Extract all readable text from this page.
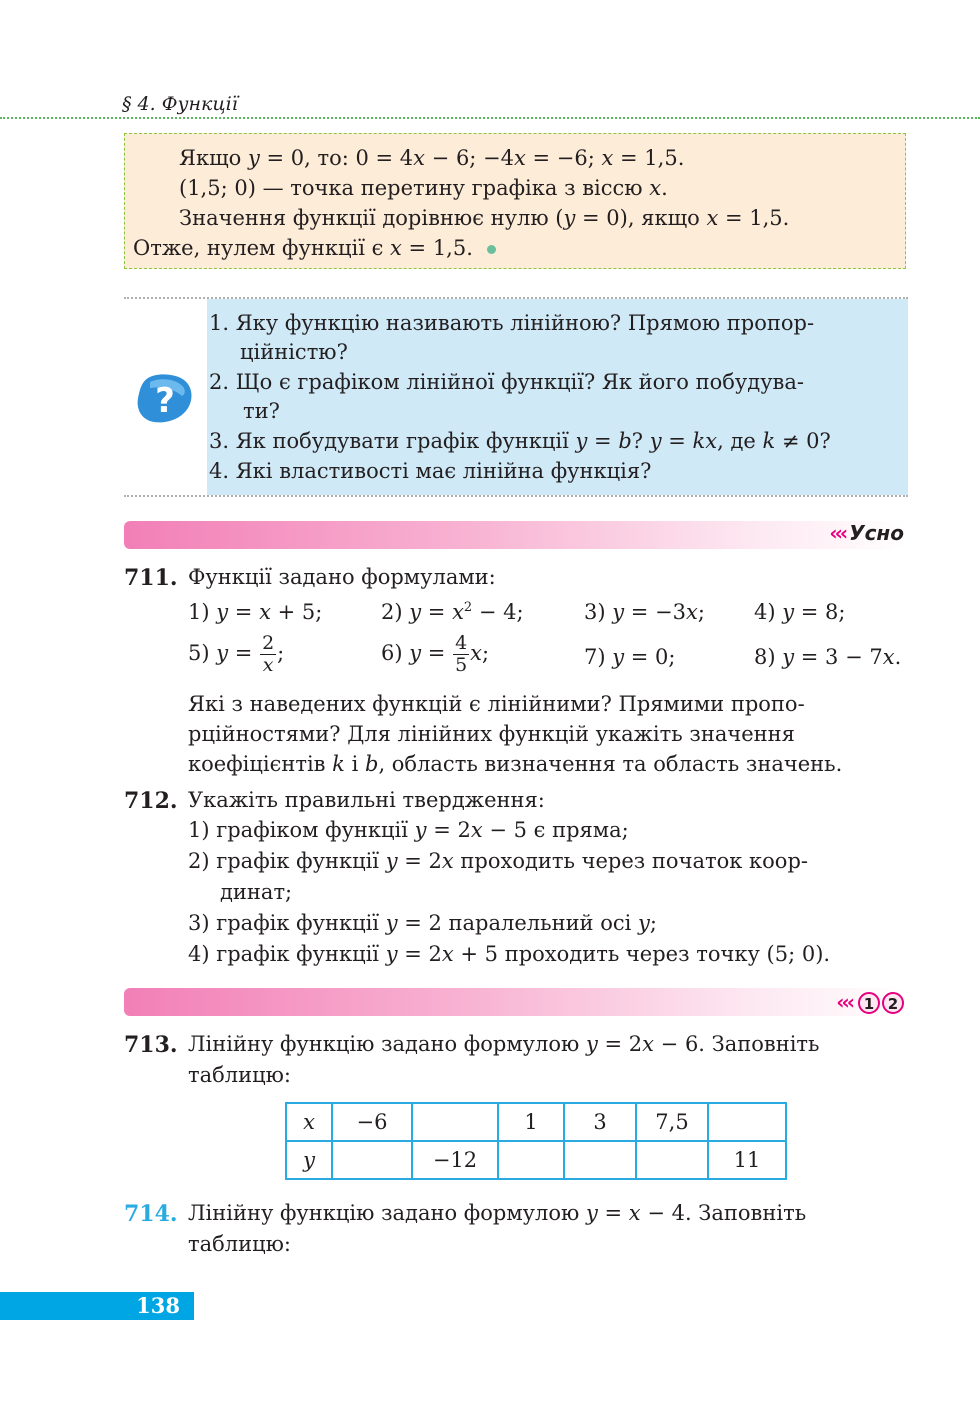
§ 4. Функції
Якщо y = 0, то: 0 = 4x − 6; −4x = −6; x = 1,5.
(1,5; 0) — точка перетину графіка з віссю x.
Значення функції дорівнює нулю (y = 0), якщо x = 1,5.
Отже, нулем функції є x = 1,5.
?
1. Яку функцію називають лінійною? Прямою пропор-
ційністю?
2. Що є графіком лінійної функції? Як його побудува-
ти?
3. Як побудувати графік функції y = b? y = kx, де k ≠ 0?
4. Які властивості має лінійна функція?
‹‹‹ Усно
711. Функції задано формулами:
1) y = x + 5;	2) $y = x^2 - 4$;	3) y = −3x; 4) y = 8;
5) $y = \frac{2}{x}$ ;	6) $y = \frac{4}{5} x$;	7) y = 0;	8) y = 3 − 7x.
Які з наведених функцій є лінійними? Прямими пропо-
рційностями? Для лінійних функцій укажіть значення
коефіцієнтів k і b, область визначення та область значень.
712. Укажіть правильні твердження:
1) графіком функції y = 2x − 5 є пряма;
2) графік функції y = 2x проходить через початок коор-
динат;
3) графік функції y = 2 паралельний осі y;
4) графік функції y = 2x + 5 проходить через точку (5; 0).
‹‹‹ 1 2
713. Лінійну функцію задано формулою y = 2x − 6. Заповніть
таблицю:
x	−6		1	3	7,5	
y		−12				11
714. Лінійну функцію задано формулою y = x − 4. Заповніть
таблицю:
138
